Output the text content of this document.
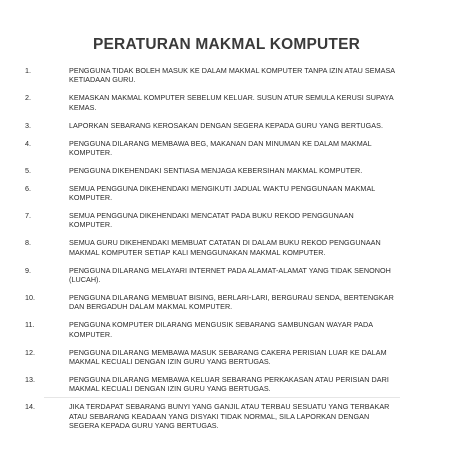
PERATURAN MAKMAL KOMPUTER
1.	PENGGUNA TIDAK BOLEH MASUK KE DALAM MAKMAL KOMPUTER TANPA IZIN ATAU SEMASA KETIADAAN GURU.
2.	KEMASKAN MAKMAL KOMPUTER SEBELUM KELUAR. SUSUN ATUR SEMULA KERUSI SUPAYA KEMAS.
3.	LAPORKAN SEBARANG KEROSAKAN DENGAN SEGERA KEPADA GURU YANG BERTUGAS.
4.	PENGGUNA DILARANG MEMBAWA BEG, MAKANAN DAN MINUMAN KE DALAM MAKMAL KOMPUTER.
5.	PENGGUNA DIKEHENDAKI SENTIASA MENJAGA KEBERSIHAN MAKMAL KOMPUTER.
6.	SEMUA PENGGUNA DIKEHENDAKI MENGIKUTI JADUAL WAKTU PENGGUNAAN MAKMAL KOMPUTER.
7.	SEMUA PENGGUNA DIKEHENDAKI MENCATAT PADA BUKU REKOD PENGGUNAAN KOMPUTER.
8.	SEMUA GURU DIKEHENDAKI MEMBUAT CATATAN DI DALAM BUKU REKOD PENGGUNAAN MAKMAL KOMPUTER SETIAP KALI MENGGUNAKAN MAKMAL KOMPUTER.
9.	PENGGUNA DILARANG MELAYARI INTERNET PADA ALAMAT-ALAMAT YANG TIDAK SENONOH (LUCAH).
10.	PENGGUNA DILARANG MEMBUAT BISING, BERLARI-LARI, BERGURAU SENDA, BERTENGKAR DAN BERGADUH DALAM MAKMAL KOMPUTER.
11.	PENGGUNA KOMPUTER DILARANG MENGUSIK SEBARANG SAMBUNGAN WAYAR PADA KOMPUTER.
12.	PENGGUNA DILARANG MEMBAWA MASUK SEBARANG CAKERA PERISIAN LUAR KE DALAM MAKMAL KECUALI DENGAN IZIN GURU YANG BERTUGAS.
13.	PENGGUNA DILARANG MEMBAWA KELUAR SEBARANG PERKAKASAN ATAU PERISIAN DARI MAKMAL KECUALI DENGAN IZIN GURU YANG BERTUGAS.
14.	JIKA TERDAPAT SEBARANG BUNYI YANG GANJIL ATAU TERBAU SESUATU YANG TERBAKAR ATAU SEBARANG KEADAAN YANG DISYAKI TIDAK NORMAL, SILA LAPORKAN DENGAN SEGERA KEPADA GURU YANG BERTUGAS.
